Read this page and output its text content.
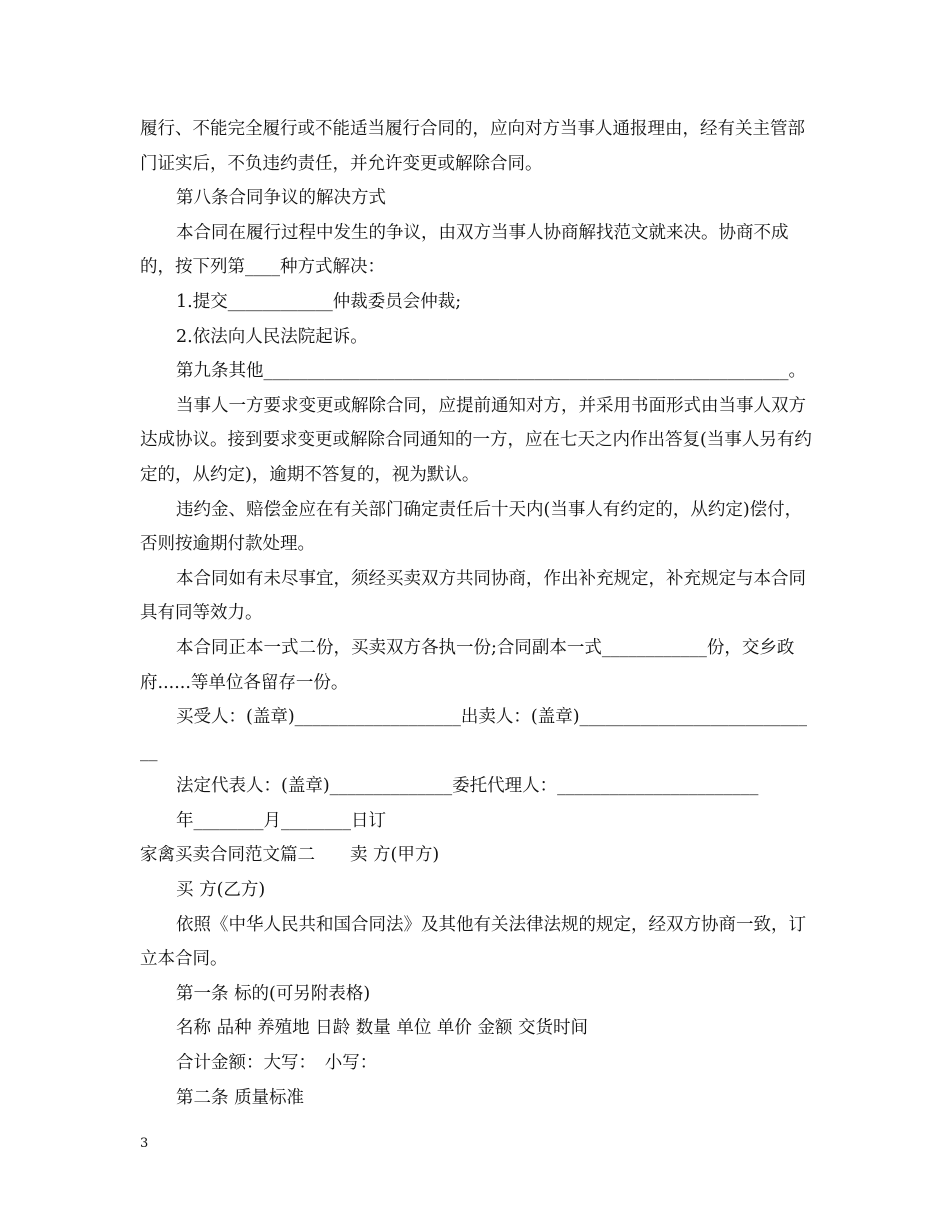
履行、不能完全履行或不能适当履行合同的，应向对方当事人通报理由，经有关主管部门证实后，不负违约责任，并允许变更或解除合同。

第八条合同争议的解决方式

本合同在履行过程中发生的争议，由双方当事人协商解找范文就来决。协商不成的，按下列第____种方式解决：

1.提交____________仲裁委员会仲裁;

2.依法向人民法院起诉。

第九条其他____________________________________________________________。

当事人一方要求变更或解除合同，应提前通知对方，并采用书面形式由当事人双方达成协议。接到要求变更或解除合同通知的一方，应在七天之内作出答复(当事人另有约定的，从约定)，逾期不答复的，视为默认。

违约金、赔偿金应在有关部门确定责任后十天内(当事人有约定的，从约定)偿付，否则按逾期付款处理。

本合同如有未尽事宜，须经买卖双方共同协商，作出补充规定，补充规定与本合同具有同等效力。

本合同正本一式二份，买卖双方各执一份;合同副本一式____________份，交乡政府......等单位各留存一份。

买受人：(盖章)___________________出卖人：(盖章)____________________________

法定代表人：(盖章)______________委托代理人：_______________________

年________月________日订

家禽买卖合同范文篇二　　卖 方(甲方)

买 方(乙方)

依照《中华人民共和国合同法》及其他有关法律法规的规定，经双方协商一致，订立本合同。

第一条 标的(可另附表格)

名称 品种 养殖地 日龄 数量 单位 单价 金额 交货时间

合计金额：大写：　小写：

第二条 质量标准

3
